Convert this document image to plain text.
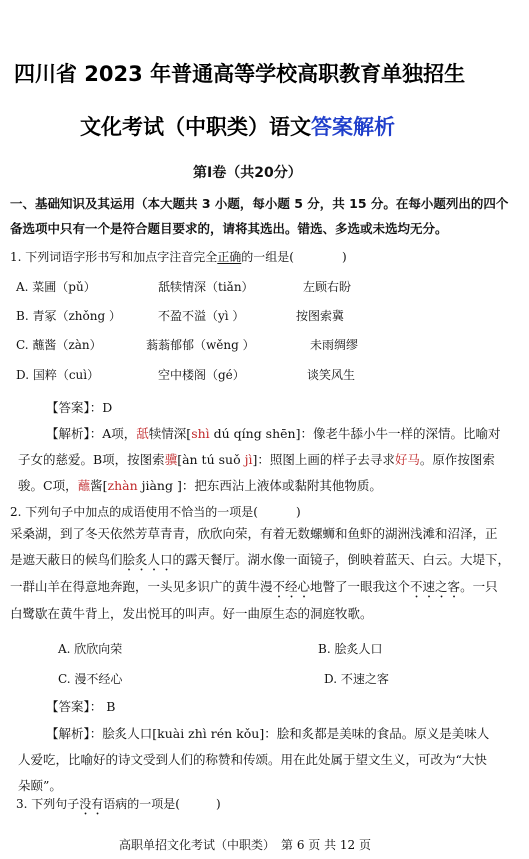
四川省 2023 年普通高等学校高职教育单独招生
文化考试（中职类）语文答案解析
第Ⅰ卷（共20分）
一、基础知识及其运用（本大题共 3 小题，每小题 5 分，共 15 分。在每小题列出的四个
备选项中只有一个是符合题目要求的，请将其选出。错选、多选或未选均无分。
1. 下列词语字形书写和加点字注音完全正确的一组是(	)
A. 菜圃（pǔ）	舐犊情深（tiǎn）	左顾右盼
B. 青冢（zhǒng ）	不盈不溢（yì ）	按图索冀
C. 蘸酱（zàn）	蓊蓊郁郁（wěng ）	未雨绸缪
D. 国粹（cuì）	空中楼阁（gé）	谈笑风生
【答案】：D
【解析】：A项，舐犊情深[shì dú qíng shēn]：像老牛舔小牛一样的深情。比喻对
子女的慈爱。B项，按图索骥[àn tú suǒ jì]：照图上画的样子去寻求好马。原作按图索
骏。C项，蘸酱[zhàn jiàng ]：把东西沾上液体或黏附其他物质。
2. 下列句子中加点的成语使用不恰当的一项是(	)
采桑湖，到了冬天依然芳草青青，欣欣向荣，有着无数螺蛳和鱼虾的湖洲浅滩和沼泽，正
是遮天蔽日的候鸟们脍炙人口的露天餐厅。湖水像一面镜子，倒映着蓝天、白云。大堤下，
一群山羊在得意地奔跑，一头见多识广的黄牛漫不经心地瞥了一眼我这个不速之客。一只
白鹭歇在黄牛背上，发出悦耳的叫声。好一曲原生态的洞庭牧歌。
A. 欣欣向荣	B. 脍炙人口
C. 漫不经心	D. 不速之客
【答案】： B
【解析】：脍炙人口[kuài zhì rén kǒu]：脍和炙都是美味的食品。原义是美味人
人爱吃，比喻好的诗文受到人们的称赞和传颂。用在此处属于望文生义，可改为“大快
朵颐”。
3. 下列句子没有语病的一项是(	)
高职单招文化考试（中职类）　第 6 页 共 12 页
